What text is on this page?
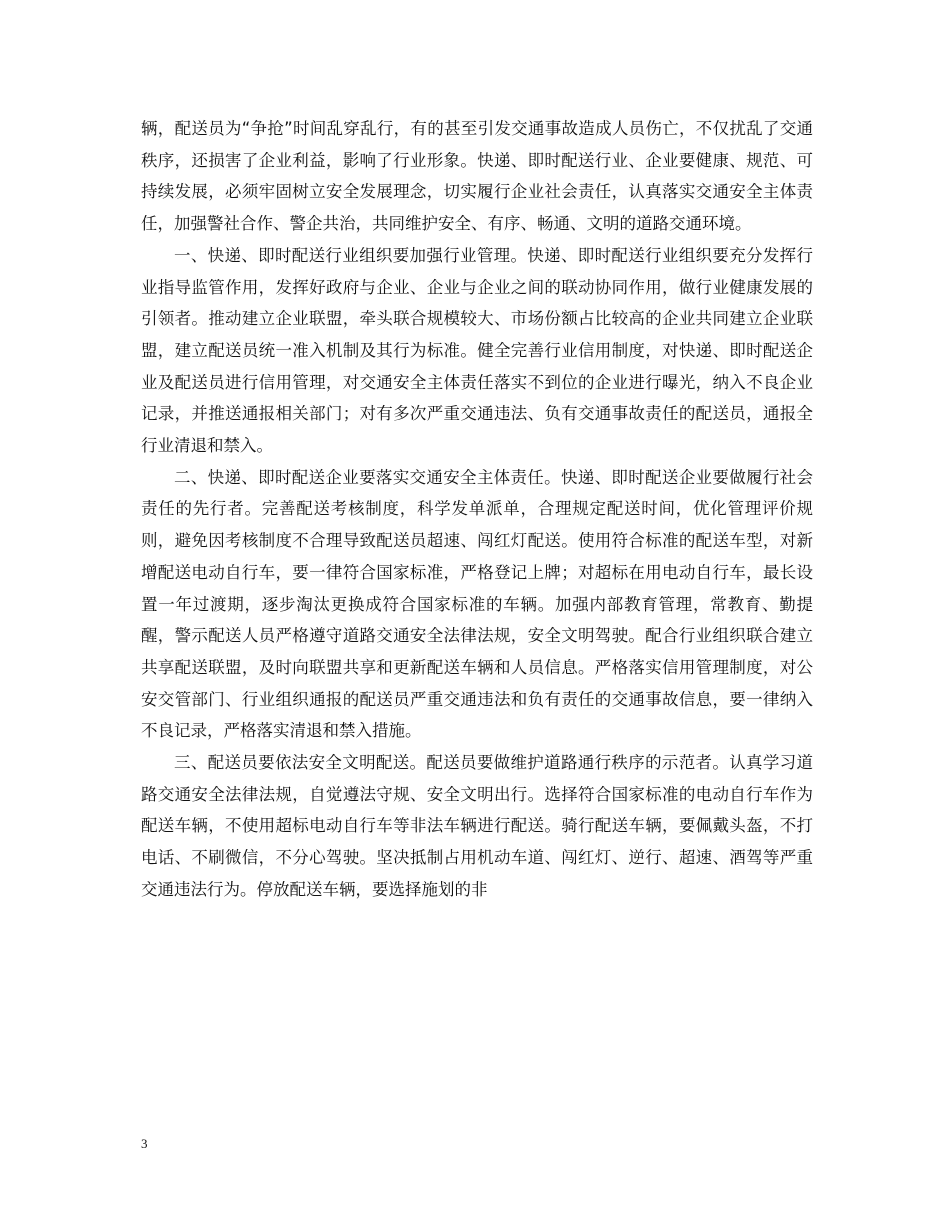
辆，配送员为“争抢”时间乱穿乱行，有的甚至引发交通事故造成人员伤亡，不仅扰乱了交通秩序，还损害了企业利益，影响了行业形象。快递、即时配送行业、企业要健康、规范、可持续发展，必须牢固树立安全发展理念，切实履行企业社会责任，认真落实交通安全主体责任，加强警社合作、警企共治，共同维护安全、有序、畅通、文明的道路交通环境。

一、快递、即时配送行业组织要加强行业管理。快递、即时配送行业组织要充分发挥行业指导监管作用，发挥好政府与企业、企业与企业之间的联动协同作用，做行业健康发展的引领者。推动建立企业联盟，牵头联合规模较大、市场份额占比较高的企业共同建立企业联盟，建立配送员统一准入机制及其行为标准。健全完善行业信用制度，对快递、即时配送企业及配送员进行信用管理，对交通安全主体责任落实不到位的企业进行曝光，纳入不良企业记录，并推送通报相关部门；对有多次严重交通违法、负有交通事故责任的配送员，通报全行业清退和禁入。

二、快递、即时配送企业要落实交通安全主体责任。快递、即时配送企业要做履行社会责任的先行者。完善配送考核制度，科学发单派单，合理规定配送时间，优化管理评价规则，避免因考核制度不合理导致配送员超速、闯红灯配送。使用符合标准的配送车型，对新增配送电动自行车，要一律符合国家标准，严格登记上牌；对超标在用电动自行车，最长设置一年过渡期，逐步淘汰更换成符合国家标准的车辆。加强内部教育管理，常教育、勤提醒，警示配送人员严格遵守道路交通安全法律法规，安全文明驾驶。配合行业组织联合建立共享配送联盟，及时向联盟共享和更新配送车辆和人员信息。严格落实信用管理制度，对公安交管部门、行业组织通报的配送员严重交通违法和负有责任的交通事故信息，要一律纳入不良记录，严格落实清退和禁入措施。

三、配送员要依法安全文明配送。配送员要做维护道路通行秩序的示范者。认真学习道路交通安全法律法规，自觉遵法守规、安全文明出行。选择符合国家标准的电动自行车作为配送车辆，不使用超标电动自行车等非法车辆进行配送。骑行配送车辆，要佩戴头盔，不打电话、不刷微信，不分心驾驶。坚决抵制占用机动车道、闯红灯、逆行、超速、酒驾等严重交通违法行为。停放配送车辆，要选择施划的非

3
